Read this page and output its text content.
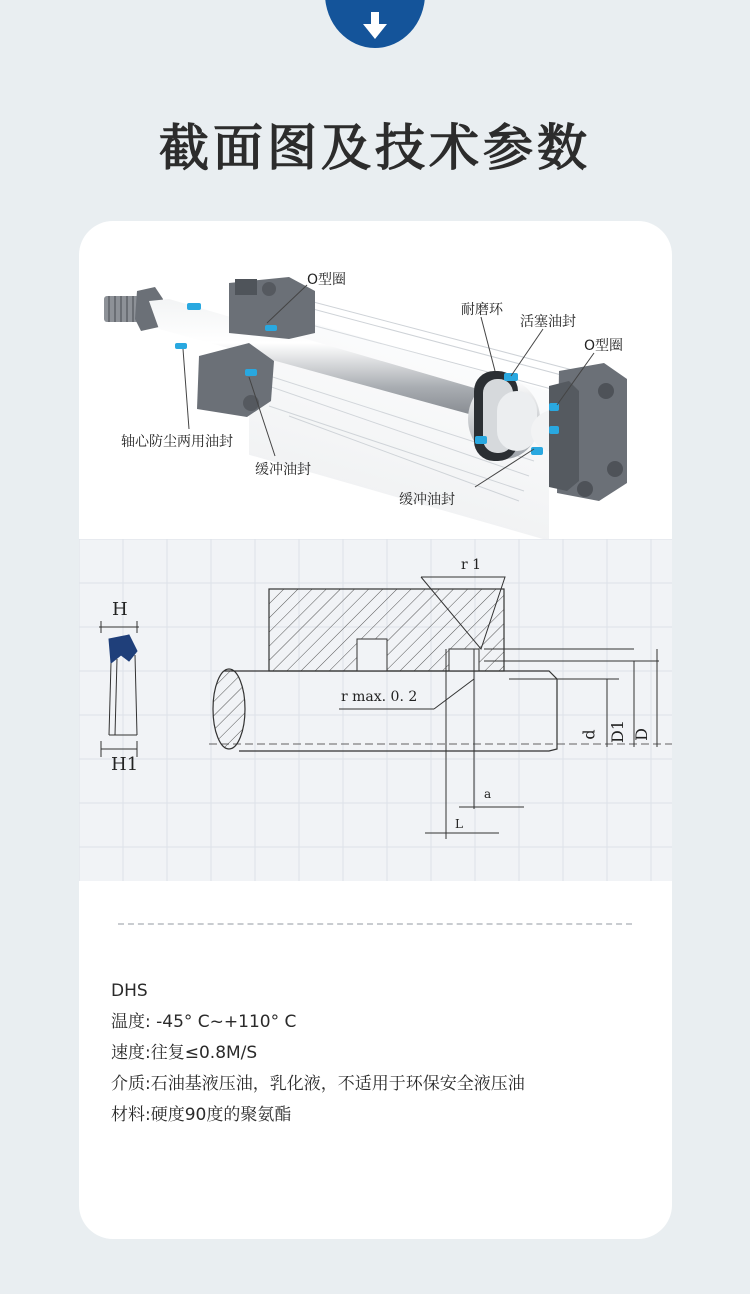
截面图及技术参数
O型圈
耐磨环
活塞油封
O型圈
轴心防尘两用油封
缓冲油封
缓冲油封
H
H1
r 1
r max. 0. 2
d D1 D
a
L
DHS
温度: -45° C~+110° C
速度:往复≤0.8M/S
介质:石油基液压油，乳化液，不适用于环保安全液压油
材料:硬度90度的聚氨酯
